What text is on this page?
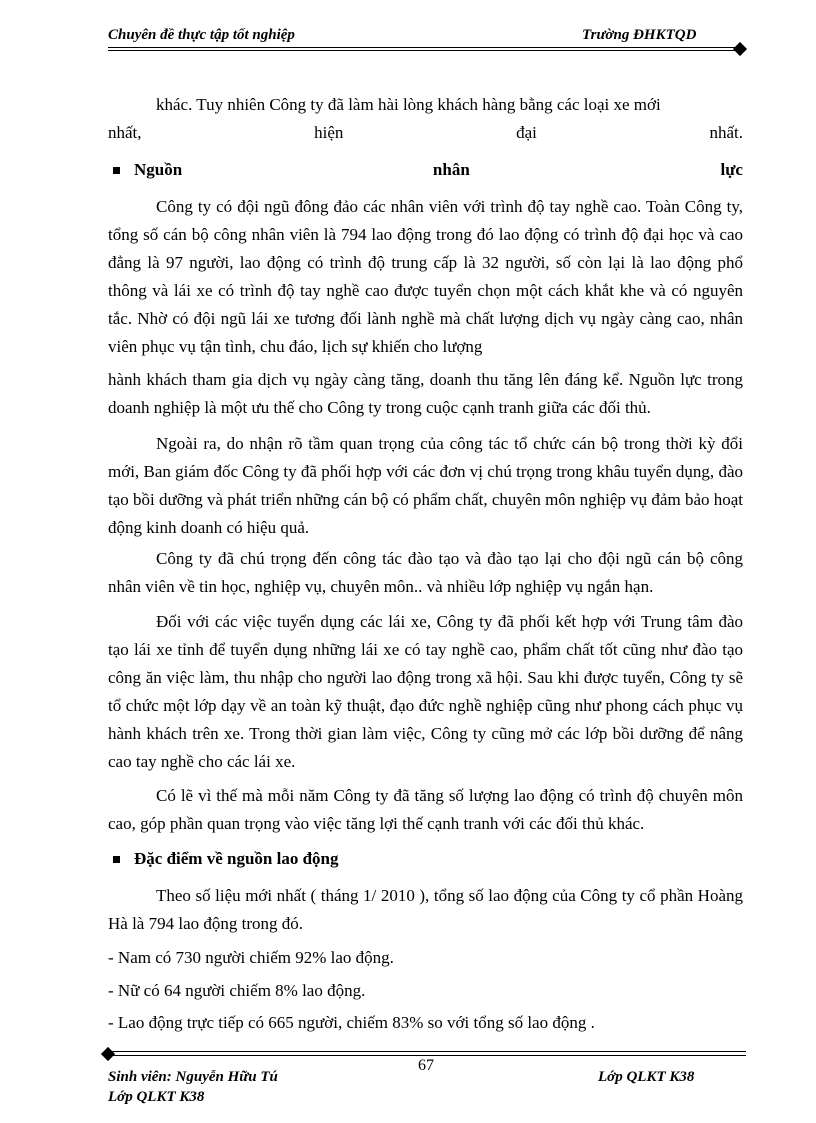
Chuyên đề thực tập tốt nghiệp	Trường ĐHKTQD
khác. Tuy nhiên Công ty đã làm hài lòng khách hàng bằng các loại xe mới
nhất,	hiện	đại	nhất.
Nguồn	nhân	lực
Công ty có đội ngũ đông đảo các nhân viên với trình độ tay nghề cao. Toàn Công ty, tổng số cán bộ công nhân viên là 794 lao động trong đó lao động có trình độ đại học và cao đẳng là 97 người, lao động có trình độ trung cấp là 32 người, số còn lại là lao động phổ thông và lái xe có trình độ tay nghề cao được tuyển chọn một cách khắt khe và có nguyên tắc. Nhờ có đội ngũ lái xe tương đối lành nghề mà chất lượng dịch vụ ngày càng cao, nhân viên phục vụ tận tình, chu đáo, lịch sự khiến cho lượng
hành khách tham gia dịch vụ ngày càng tăng, doanh thu tăng lên đáng kể. Nguồn lực trong doanh nghiệp là một ưu thế cho Công ty trong cuộc cạnh tranh giữa các đối thủ.
Ngoài ra, do nhận rõ tầm quan trọng của công tác tổ chức cán bộ trong thời kỳ đổi mới, Ban giám đốc Công ty đã phối hợp với các đơn vị chú trọng trong khâu tuyển dụng, đào tạo bồi dưỡng và phát triển những cán bộ có phẩm chất, chuyên môn nghiệp vụ đảm bảo hoạt động kinh doanh có hiệu quả.
Công ty đã chú trọng đến công tác đào tạo và đào tạo lại cho đội ngũ cán bộ công nhân viên về tin học, nghiệp vụ, chuyên môn.. và nhiều lớp nghiệp vụ ngắn hạn.
Đối với các việc tuyển dụng các lái xe, Công ty đã phối kết hợp với Trung tâm đào tạo lái xe tỉnh để tuyển dụng những lái xe có tay nghề cao, phẩm chất tốt cũng như đào tạo công ăn việc làm, thu nhập cho người lao động trong xã hội. Sau khi được tuyển, Công ty sẽ tổ chức một lớp dạy về an toàn kỹ thuật, đạo đức nghề nghiệp cũng như phong cách phục vụ hành khách trên xe. Trong thời gian làm việc, Công ty cũng mở các lớp bồi dưỡng để nâng cao tay nghề cho các lái xe.
Có lẽ vì thế mà mỗi năm Công ty đã tăng số lượng lao động có trình độ chuyên môn cao, góp phần quan trọng vào việc tăng lợi thế cạnh tranh với các đối thủ khác.
Đặc điểm về nguồn lao động
Theo số liệu mới nhất ( tháng 1/ 2010 ), tổng số lao động của Công ty cổ phần Hoàng Hà là 794 lao động trong đó.
- Nam có 730 người chiếm 92% lao động.
- Nữ có 64 người chiếm 8% lao động.
- Lao động trực tiếp có 665 người, chiếm 83% so với tổng số lao động .
67
Sinh viên: Nguyễn Hữu Tú	Lớp QLKT K38
Lớp QLKT K38
